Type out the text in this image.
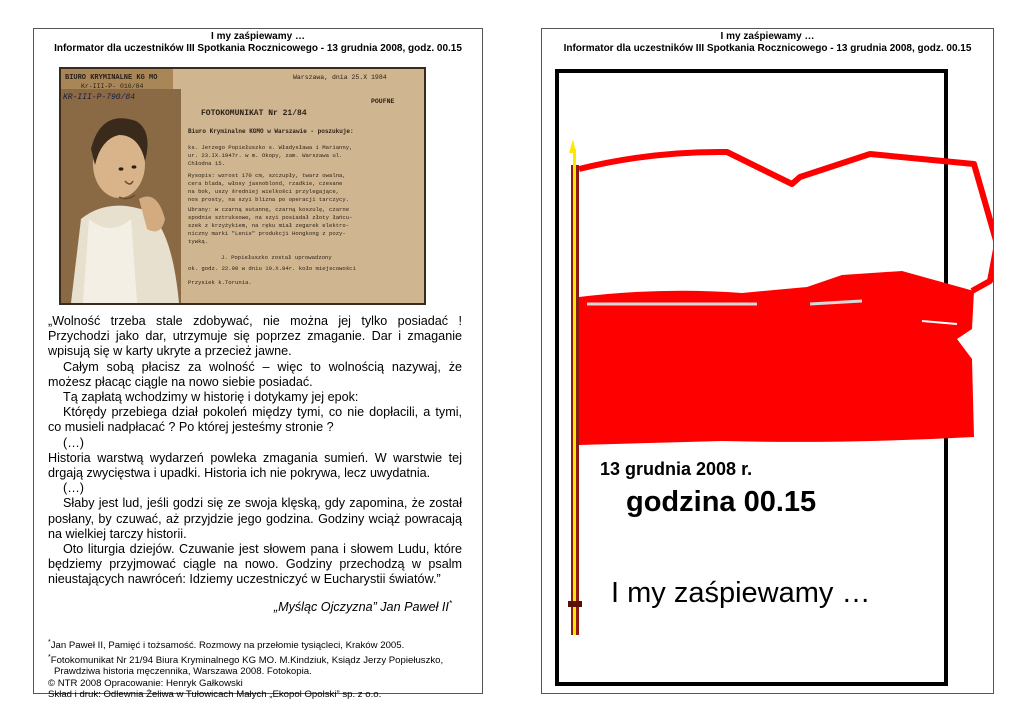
I my zaśpiewamy …
Informator dla uczestników III Spotkania Rocznicowego - 13 grudnia 2008, godz. 00.15
BIURO KRYMINALNE KG MO
Kr-III-P- 016/84
KR-III-P-790/84
Warszawa, dnia 25.X 1984
POUFNE
FOTOKOMUNIKAT Nr 21/84
Biuro Kryminalne KGMO w Warszawie - poszukuje:
ks. Jerzego Popiełuszko s. Władysława i Marianny,
ur. 23.IX.1947r. w m. Okopy, zam. Warszawa ul.
Chłodna 15.
Rysopis: wzrost 170 cm, szczupły, twarz owalna,
cera blada, włosy jasnoblond, rzadkie, czesane
na bok, uszy średniej wielkości przylegające,
nos prosty, na szyi blizna po operacji tarczycy.
Ubrany: w czarną sutannę, czarną koszulę, czarne
spodnie sztruksowe, na szyi posiadał złoty łańcu-
szek z krzyżykiem, na ręku miał zegarek elektro-
niczny marki "Lenis" produkcji Hongkong z pozy-
tywką.
J. Popiełuszko został uprowadzony
ok. godz. 22.00 w dniu 19.X.84r. koło miejscowości
Przysiek k.Torunia.

„Wolność trzeba stale zdobywać, nie można jej tylko posiadać ! Przychodzi jako dar, utrzymuje się poprzez zmaganie. Dar i zmaganie wpisują się w karty ukryte a przecież jawne.

Całym sobą płacisz za wolność – więc to wolnością nazywaj, że możesz płacąc ciągle na nowo siebie posiadać.

Tą zapłatą wchodzimy w historię i dotykamy jej epok:

Którędy przebiega dział pokoleń między tymi, co nie dopłacili, a tymi, co musieli nadpłacać ? Po której jesteśmy stronie ?

(…)

Historia warstwą wydarzeń powleka zmagania sumień. W warstwie tej drgają zwycięstwa i upadki. Historia ich nie pokrywa, lecz uwydatnia.

(…)

Słaby jest lud, jeśli godzi się ze swoja klęską, gdy zapomina, że został posłany, by czuwać, aż przyjdzie jego godzina. Godziny wciąż powracają na wielkiej tarczy historii.

Oto liturgia dziejów. Czuwanie jest słowem pana i słowem Ludu, które będziemy przyjmować ciągle na nowo. Godziny przechodzą w psalm nieustających nawróceń: Idziemy uczestniczyć w Eucharystii światów.”

„Myśląc Ojczyzna” Jan Paweł II*
*Jan Paweł II, Pamięć i tożsamość. Rozmowy na przełomie tysiącleci, Kraków 2005.
*Fotokomunikat Nr 21/94 Biura Kryminalnego KG MO. M.Kindziuk, Ksiądz Jerzy Popiełuszko,
Prawdziwa historia męczennika, Warszawa 2008. Fotokopia.
© NTR 2008 Opracowanie: Henryk Gałkowski
Skład i druk: Odlewnia Żeliwa w Tułowicach Małych „Ekopol Opolski” sp. z o.o.
I my zaśpiewamy …
Informator dla uczestników III Spotkania Rocznicowego - 13 grudnia 2008, godz. 00.15
13 grudnia 2008 r.
godzina 00.15
I my zaśpiewamy …
